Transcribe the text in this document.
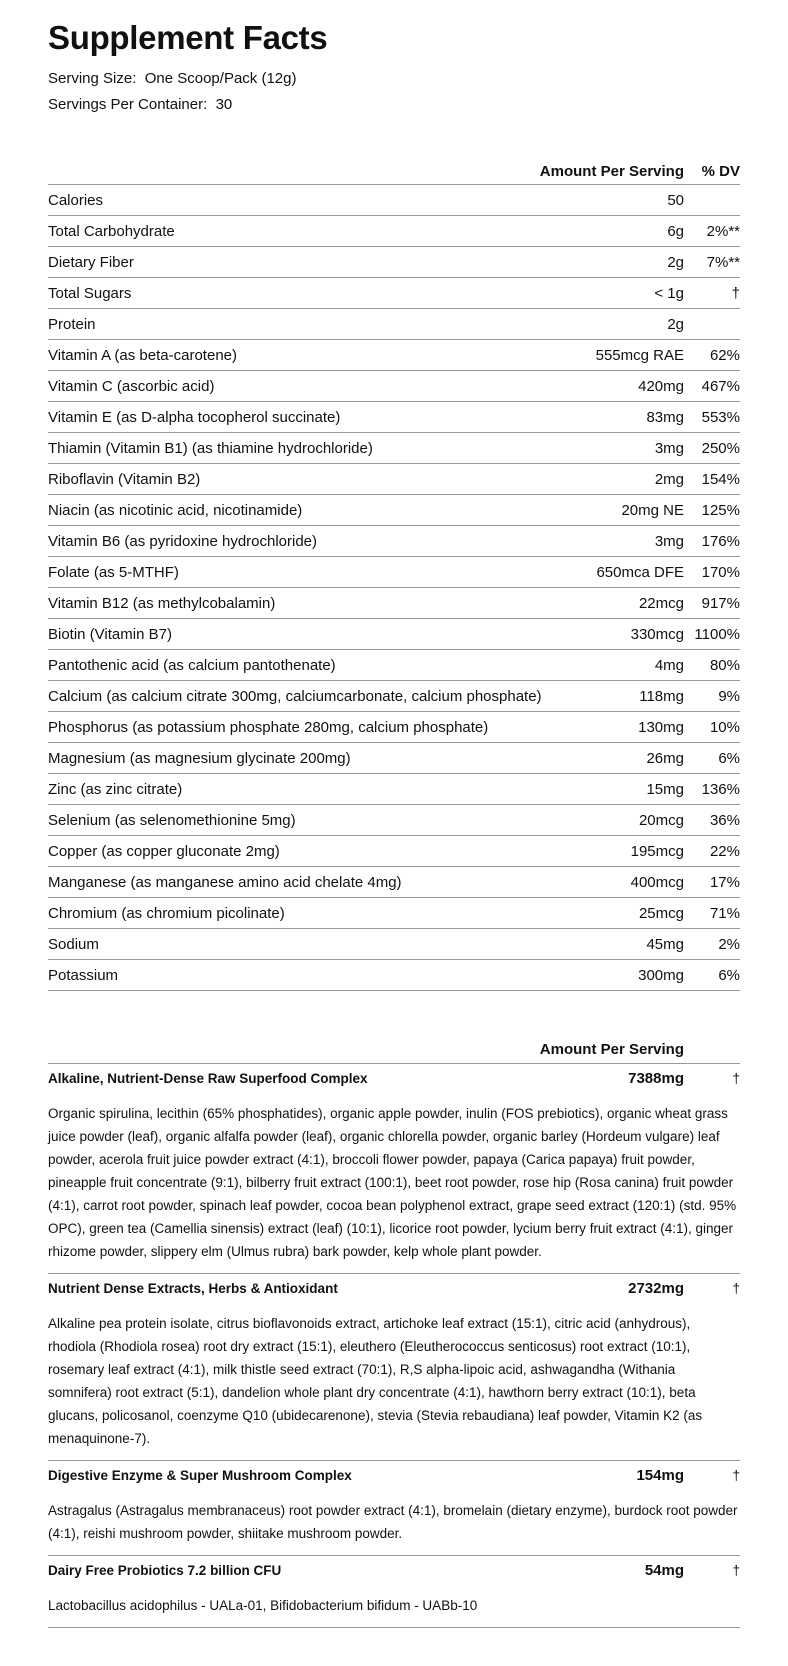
Supplement Facts
Serving Size: One Scoop/Pack (12g)
Servings Per Container: 30
Amount Per Serving	% DV
Calories	50
Total Carbohydrate	6g	2%**
Dietary Fiber	2g	7%**
Total Sugars	< 1g	†
Protein	2g
Vitamin A (as beta-carotene)	555mcg RAE	62%
Vitamin C (ascorbic acid)	420mg	467%
Vitamin E (as D-alpha tocopherol succinate)	83mg	553%
Thiamin (Vitamin B1) (as thiamine hydrochloride)	3mg	250%
Riboflavin (Vitamin B2)	2mg	154%
Niacin (as nicotinic acid, nicotinamide)	20mg NE	125%
Vitamin B6 (as pyridoxine hydrochloride)	3mg	176%
Folate (as 5-MTHF)	650mca DFE	170%
Vitamin B12 (as methylcobalamin)	22mcg	917%
Biotin (Vitamin B7)	330mcg 1100%
Pantothenic acid (as calcium pantothenate)	4mg	80%
Calcium (as calcium citrate 300mg, calciumcarbonate, calcium phosphate)	118mg	9%
Phosphorus (as potassium phosphate 280mg, calcium phosphate)	130mg	10%
Magnesium (as magnesium glycinate 200mg)	26mg	6%
Zinc (as zinc citrate)	15mg	136%
Selenium (as selenomethionine 5mg)	20mcg	36%
Copper (as copper gluconate 2mg)	195mcg	22%
Manganese (as manganese amino acid chelate 4mg)	400mcg	17%
Chromium (as chromium picolinate)	25mcg	71%
Sodium	45mg	2%
Potassium	300mg	6%
Amount Per Serving
Alkaline, Nutrient-Dense Raw Superfood Complex	7388mg	†
Organic spirulina, lecithin (65% phosphatides), organic apple powder, inulin (FOS prebiotics), organic wheat grass juice powder (leaf), organic alfalfa powder (leaf), organic chlorella powder, organic barley (Hordeum vulgare) leaf powder, acerola fruit juice powder extract (4:1), broccoli flower powder, papaya (Carica papaya) fruit powder, pineapple fruit concentrate (9:1), bilberry fruit extract (100:1), beet root powder, rose hip (Rosa canina) fruit powder (4:1), carrot root powder, spinach leaf powder, cocoa bean polyphenol extract, grape seed extract (120:1) (std. 95% OPC), green tea (Camellia sinensis) extract (leaf) (10:1), licorice root powder, lycium berry fruit extract (4:1), ginger rhizome powder, slippery elm (Ulmus rubra) bark powder, kelp whole plant powder.
Nutrient Dense Extracts, Herbs & Antioxidant	2732mg	†
Alkaline pea protein isolate, citrus bioflavonoids extract, artichoke leaf extract (15:1), citric acid (anhydrous), rhodiola (Rhodiola rosea) root dry extract (15:1), eleuthero (Eleutherococcus senticosus) root extract (10:1), rosemary leaf extract (4:1), milk thistle seed extract (70:1), R,S alpha-lipoic acid, ashwagandha (Withania somnifera) root extract (5:1), dandelion whole plant dry concentrate (4:1), hawthorn berry extract (10:1), beta glucans, policosanol, coenzyme Q10 (ubidecarenone), stevia (Stevia rebaudiana) leaf powder, Vitamin K2 (as menaquinone-7).
Digestive Enzyme & Super Mushroom Complex	154mg	†
Astragalus (Astragalus membranaceus) root powder extract (4:1), bromelain (dietary enzyme), burdock root powder (4:1), reishi mushroom powder, shiitake mushroom powder.
Dairy Free Probiotics 7.2 billion CFU	54mg	†
Lactobacillus acidophilus - UALa-01, Bifidobacterium bifidum - UABb-10
